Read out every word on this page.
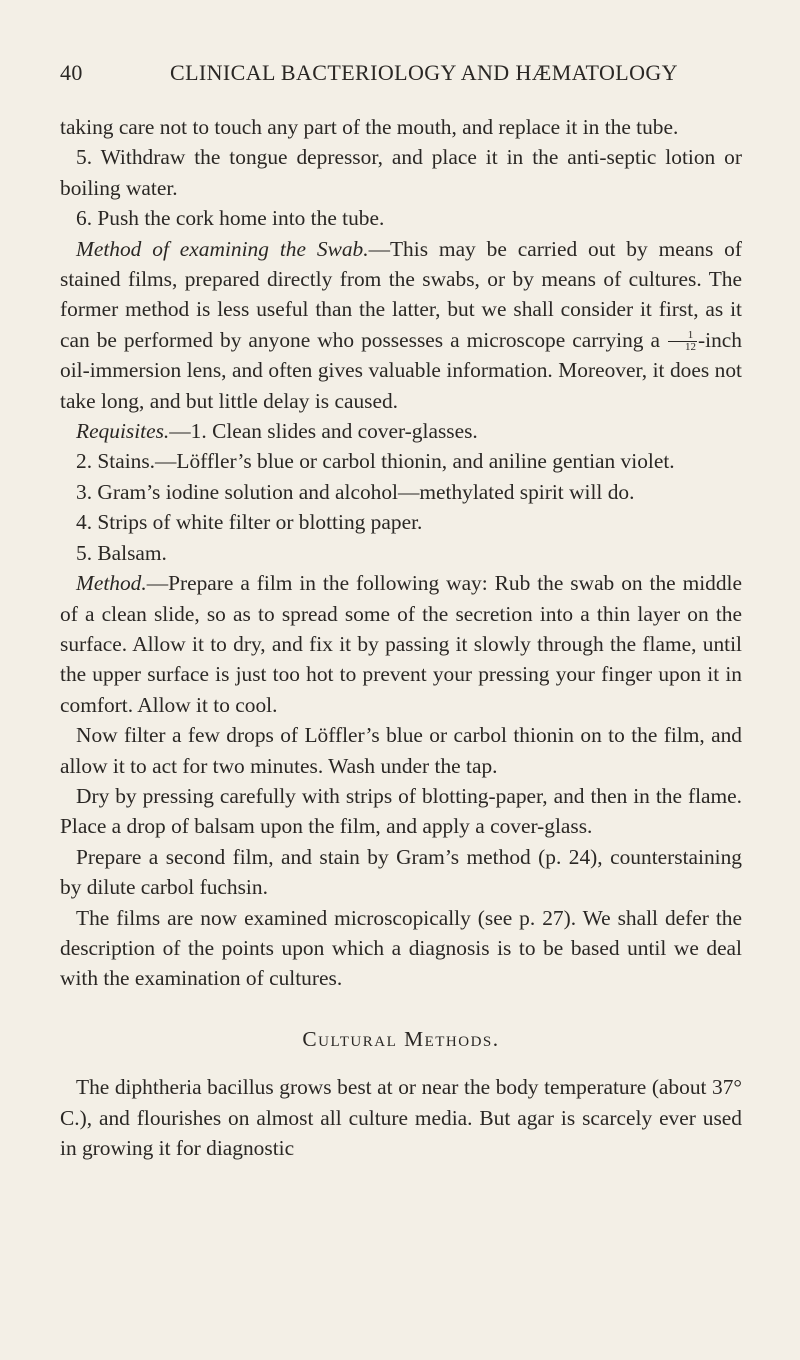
40	CLINICAL BACTERIOLOGY AND HÆMATOLOGY

taking care not to touch any part of the mouth, and replace it in the tube.

5. Withdraw the tongue depressor, and place it in the anti-septic lotion or boiling water.

6. Push the cork home into the tube.

Method of examining the Swab.—This may be carried out by means of stained films, prepared directly from the swabs, or by means of cultures. The former method is less useful than the latter, but we shall consider it first, as it can be performed by anyone who possesses a microscope carrying a $\frac{1}{12}$ -inch oil-immersion lens, and often gives valuable information. Moreover, it does not take long, and but little delay is caused.

Requisites.—1. Clean slides and cover-glasses.

2. Stains.—Löffler’s blue or carbol thionin, and aniline gentian violet.

3. Gram’s iodine solution and alcohol—methylated spirit will do.

4. Strips of white filter or blotting paper.

5. Balsam.

Method.—Prepare a film in the following way: Rub the swab on the middle of a clean slide, so as to spread some of the secretion into a thin layer on the surface. Allow it to dry, and fix it by passing it slowly through the flame, until the upper surface is just too hot to prevent your pressing your finger upon it in comfort. Allow it to cool.

Now filter a few drops of Löffler’s blue or carbol thionin on to the film, and allow it to act for two minutes. Wash under the tap.

Dry by pressing carefully with strips of blotting-paper, and then in the flame. Place a drop of balsam upon the film, and apply a cover-glass.

Prepare a second film, and stain by Gram’s method (p. 24), counterstaining by dilute carbol fuchsin.

The films are now examined microscopically (see p. 27). We shall defer the description of the points upon which a diagnosis is to be based until we deal with the examination of cultures.

Cultural Methods.

The diphtheria bacillus grows best at or near the body temperature (about 37° C.), and flourishes on almost all culture media. But agar is scarcely ever used in growing it for diagnostic
